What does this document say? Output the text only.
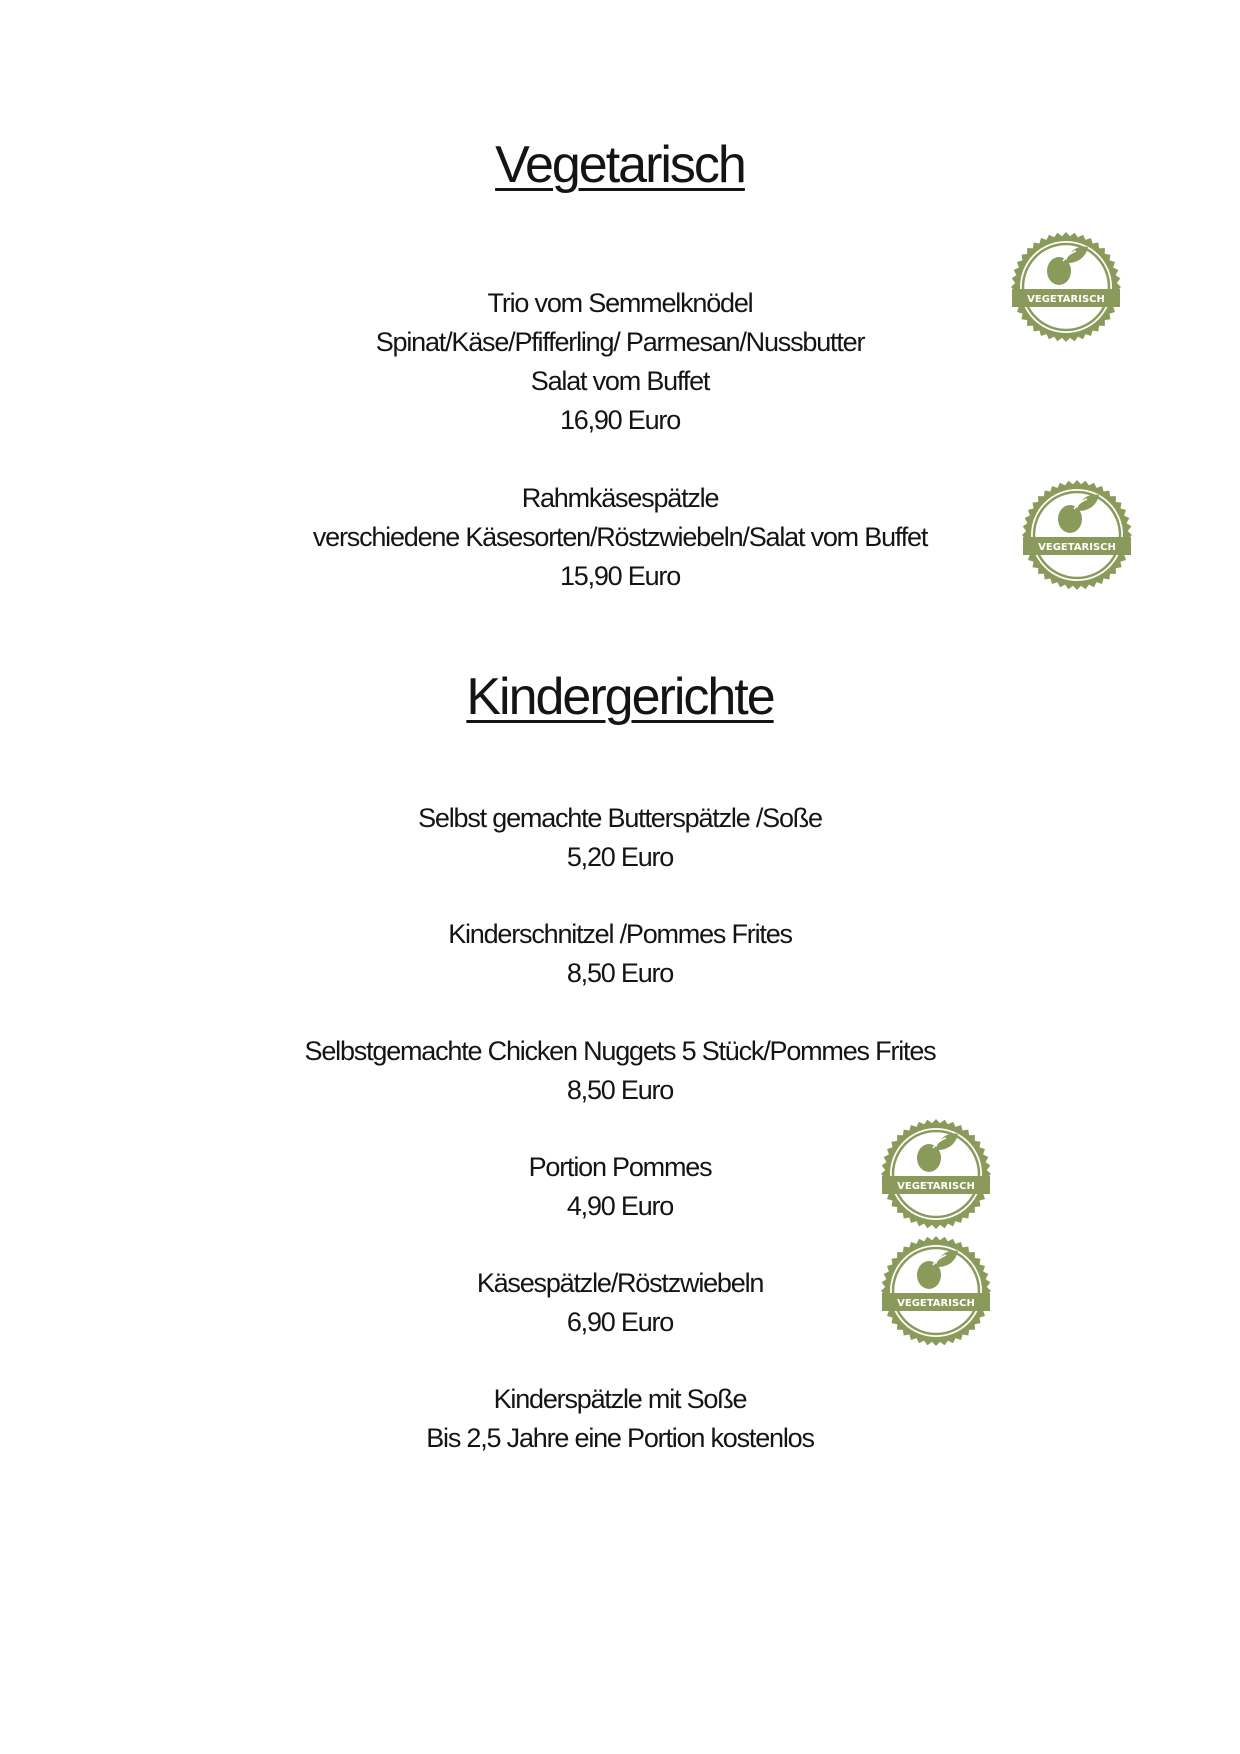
Vegetarisch
Trio vom Semmelknödel
Spinat/Käse/Pfifferling/ Parmesan/Nussbutter
Salat vom Buffet
16,90 Euro
Rahmkäsespätzle
verschiedene Käsesorten/Röstzwiebeln/Salat vom Buffet
15,90 Euro
Kindergerichte
Selbst gemachte Butterspätzle /Soße
5,20 Euro
Kinderschnitzel /Pommes Frites
8,50 Euro
Selbstgemachte Chicken Nuggets 5 Stück/Pommes Frites
8,50 Euro
Portion Pommes
4,90 Euro
Käsespätzle/Röstzwiebeln
6,90 Euro
Kinderspätzle mit Soße
Bis 2,5 Jahre eine Portion kostenlos
VEGETARISCH
VEGETARISCH
VEGETARISCH
VEGETARISCH
